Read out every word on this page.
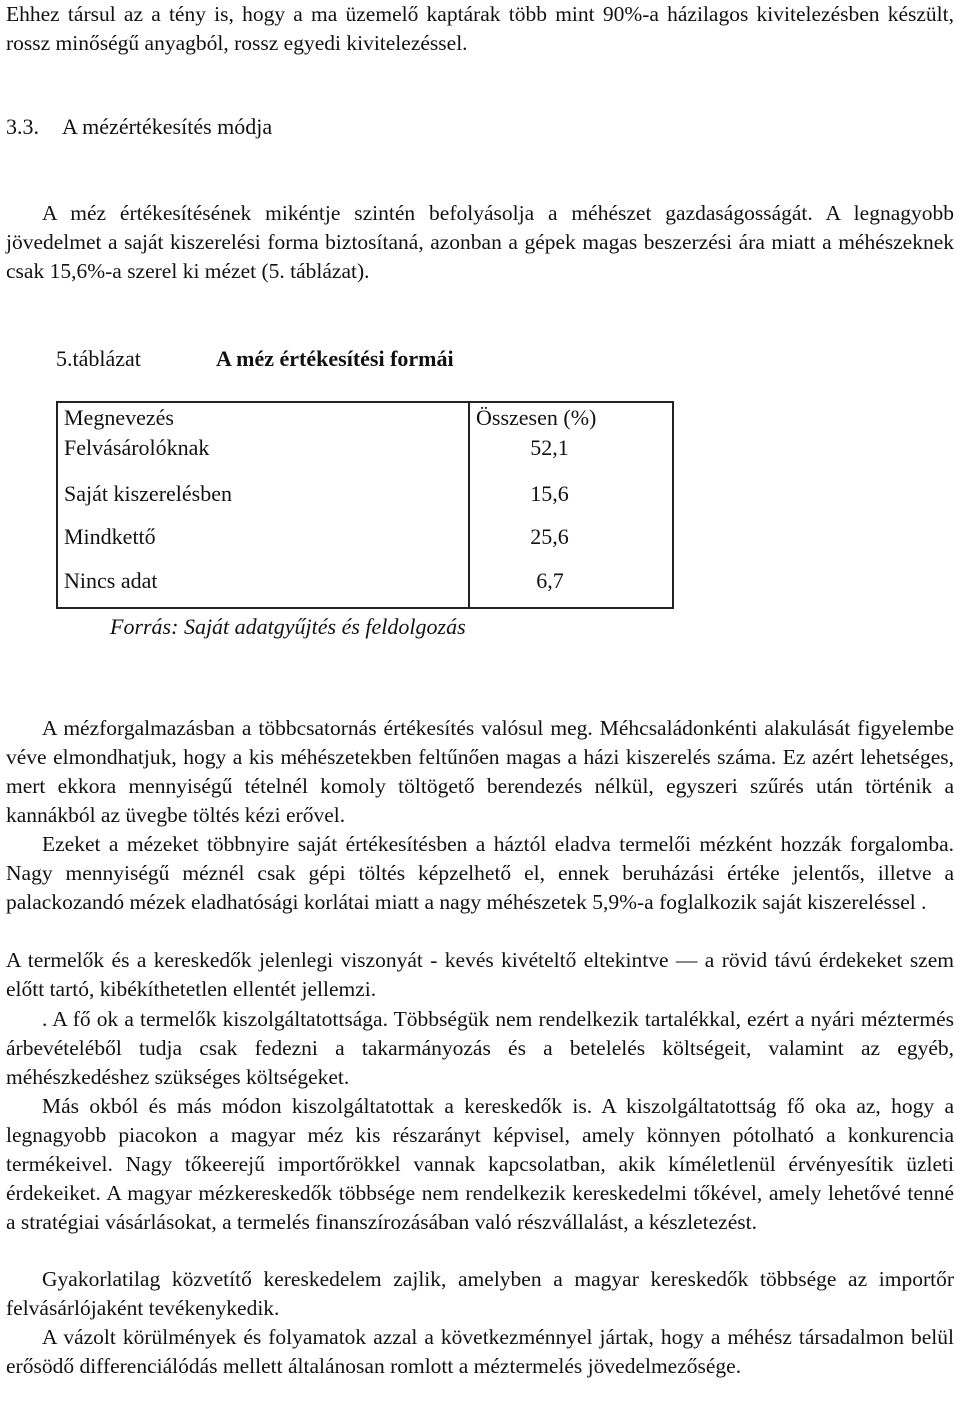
Ehhez társul az a tény is, hogy a ma üzemelő kaptárak több mint 90%-a házilagos kivitelezésben készült, rossz minőségű anyagból, rossz egyedi kivitelezéssel.

3.3. A mézértékesítés módja

A méz értékesítésének mikéntje szintén befolyásolja a méhészet gazdaságosságát. A legnagyobb jövedelmet a saját kiszerelési forma biztosítaná, azonban a gépek magas beszerzési ára miatt a méhészeknek csak 15,6%-a szerel ki mézet (5. táblázat).

5.táblázat	A méz értékesítési formái
Megnevezés	Összesen (%)
Felvásárolóknak	52,1
Saját kiszerelésben	15,6
Mindkettő	25,6
Nincs adat	6,7
Forrás: Saját adatgyűjtés és feldolgozás

A mézforgalmazásban a többcsatornás értékesítés valósul meg. Méhcsaládonkénti alakulását figyelembe véve elmondhatjuk, hogy a kis méhészetekben feltűnően magas a házi kiszerelés száma. Ez azért lehetséges, mert ekkora mennyiségű tételnél komoly töltögető berendezés nélkül, egyszeri szűrés után történik a kannákból az üvegbe töltés kézi erővel.

Ezeket a mézeket többnyire saját értékesítésben a háztól eladva termelői mézként hozzák forgalomba. Nagy mennyiségű méznél csak gépi töltés képzelhető el, ennek beruházási értéke jelentős, illetve a palackozandó mézek eladhatósági korlátai miatt a nagy méhészetek 5,9%-a foglalkozik saját kiszereléssel .

A termelők és a kereskedők jelenlegi viszonyát - kevés kivételtő eltekintve — a rövid távú érdekeket szem előtt tartó, kibékíthetetlen ellentét jellemzi.

. A fő ok a termelők kiszolgáltatottsága. Többségük nem rendelkezik tartalékkal, ezért a nyári méztermés árbevételéből tudja csak fedezni a takarmányozás és a betelelés költségeit, valamint az egyéb, méhészkedéshez szükséges költségeket.

Más okból és más módon kiszolgáltatottak a kereskedők is. A kiszolgáltatottság fő oka az, hogy a legnagyobb piacokon a magyar méz kis részarányt képvisel, amely könnyen pótolható a konkurencia termékeivel. Nagy tőkeerejű importőrökkel vannak kapcsolatban, akik kíméletlenül érvényesítik üzleti érdekeiket. A magyar mézkereskedők többsége nem rendelkezik kereskedelmi tőkével, amely lehetővé tenné a stratégiai vásárlásokat, a termelés finanszírozásában való részvállalást, a készletezést.

Gyakorlatilag közvetítő kereskedelem zajlik, amelyben a magyar kereskedők többsége az importőr felvásárlójaként tevékenykedik.

A vázolt körülmények és folyamatok azzal a következménnyel jártak, hogy a méhész társadalmon belül erősödő differenciálódás mellett általánosan romlott a méztermelés jövedelmezősége.
